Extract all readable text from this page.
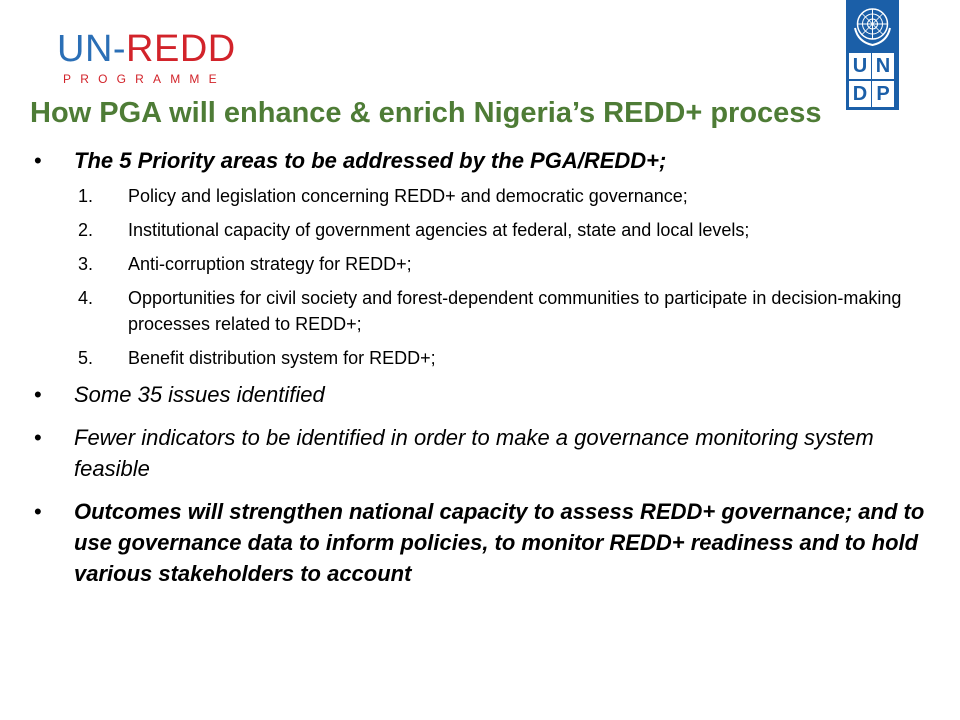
UN-REDD
PROGRAMME
U N
D P
How PGA will enhance & enrich Nigeria’s REDD+ process
• The 5 Priority areas to be addressed by the PGA/REDD+;
1. Policy and legislation concerning REDD+ and democratic governance;
2. Institutional capacity of government agencies at federal, state and local levels;
3. Anti-corruption strategy for REDD+;
4. Opportunities for civil society and forest-dependent communities to participate in decision-making processes related to REDD+;
5. Benefit distribution system for REDD+;
• Some 35 issues identified
• Fewer indicators to be identified in order to make a governance monitoring system feasible
• Outcomes will strengthen national capacity to assess REDD+ governance; and to use governance data to inform policies, to monitor REDD+ readiness and to hold various stakeholders to account
